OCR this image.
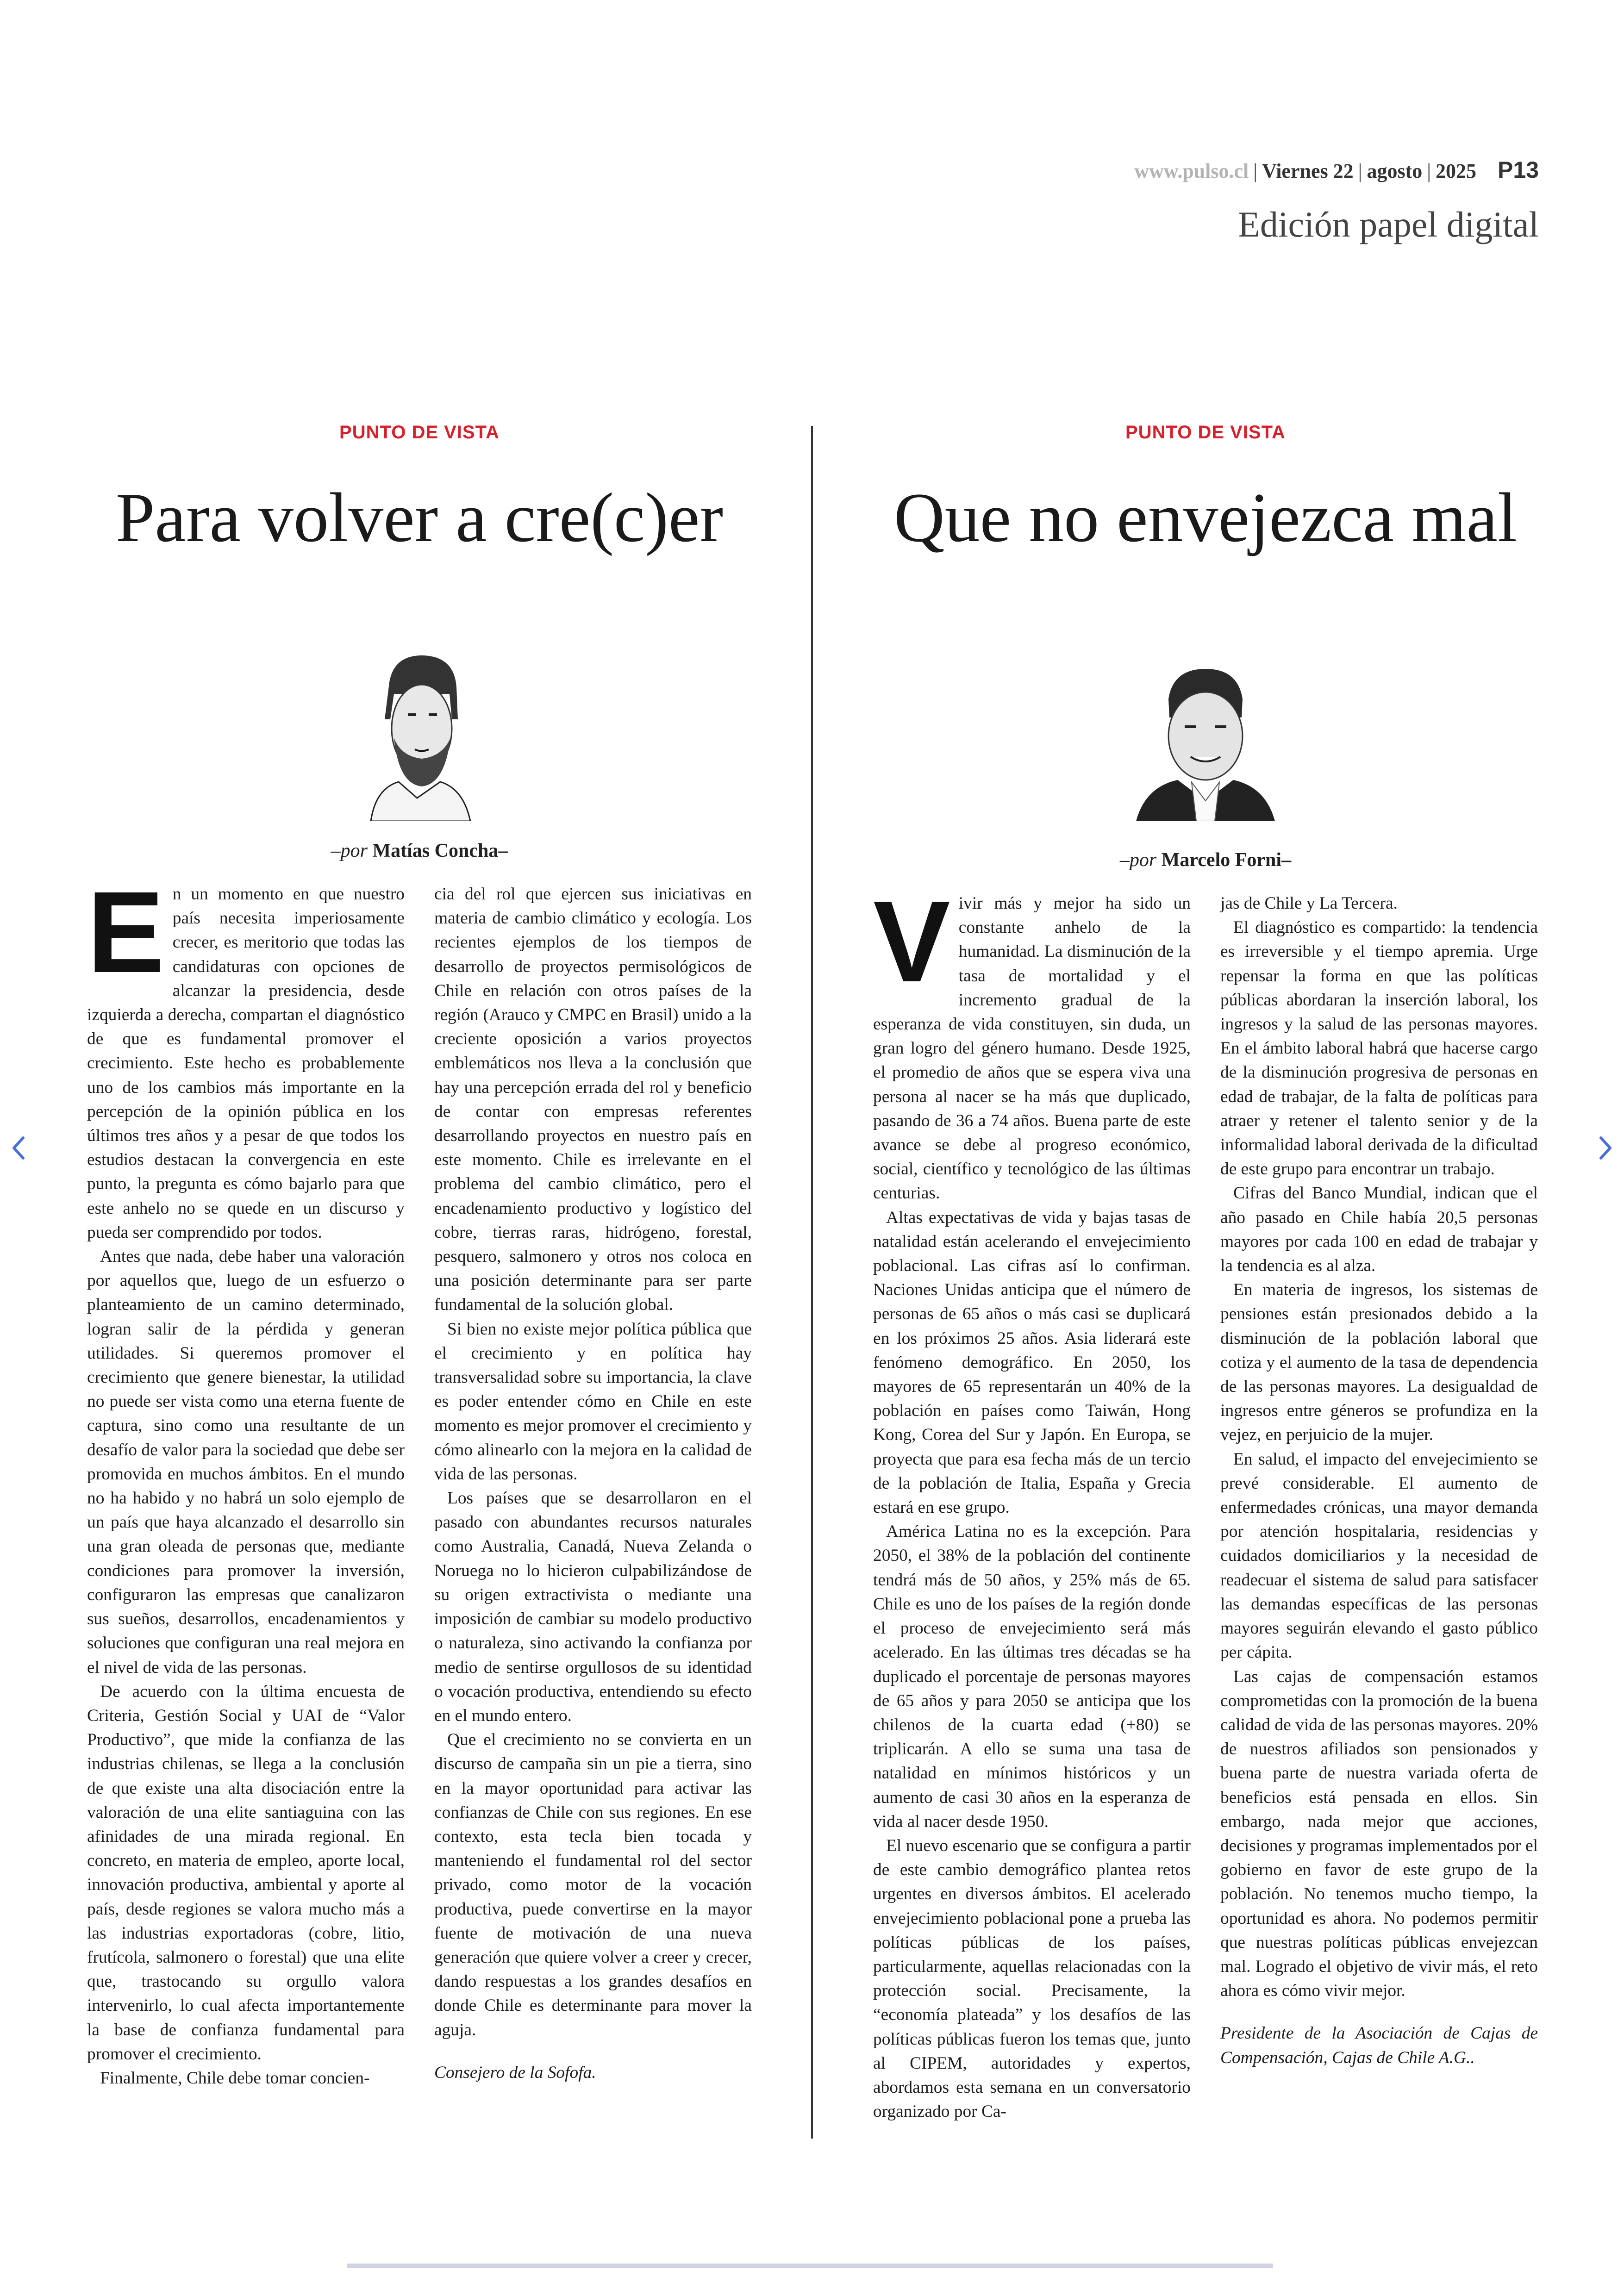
www.pulso.cl | Viernes 22 | agosto | 2025 P13
Edición papel digital
PUNTO DE VISTA
Para volver a cre(c)er
–por Matías Concha–

En un momento en que nuestro país necesita imperiosamente crecer, es meritorio que todas las candidaturas con opciones de alcanzar la presidencia, desde izquierda a derecha, compartan el diagnóstico de que es fundamental promover el crecimiento. Este hecho es probablemente uno de los cambios más importante en la percepción de la opinión pública en los últimos tres años y a pesar de que todos los estudios destacan la convergencia en este punto, la pregunta es cómo bajarlo para que este anhelo no se quede en un discurso y pueda ser comprendido por todos.

Antes que nada, debe haber una valoración por aquellos que, luego de un esfuerzo o planteamiento de un camino determinado, logran salir de la pérdida y generan utilidades. Si queremos promover el crecimiento que genere bienestar, la utilidad no puede ser vista como una eterna fuente de captura, sino como una resultante de un desafío de valor para la sociedad que debe ser promovida en muchos ámbitos. En el mundo no ha habido y no habrá un solo ejemplo de un país que haya alcanzado el desarrollo sin una gran oleada de personas que, mediante condiciones para promover la inversión, configuraron las empresas que canalizaron sus sueños, desarrollos, encadenamientos y soluciones que configuran una real mejora en el nivel de vida de las personas.

De acuerdo con la última encuesta de Criteria, Gestión Social y UAI de “Valor Productivo”, que mide la confianza de las industrias chilenas, se llega a la conclusión de que existe una alta disociación entre la valoración de una elite santiaguina con las afinidades de una mirada regional. En concreto, en materia de empleo, aporte local, innovación productiva, ambiental y aporte al país, desde regiones se valora mucho más a las industrias exportadoras (cobre, litio, frutícola, salmonero o forestal) que una elite que, trastocando su orgullo valora intervenirlo, lo cual afecta importantemente la base de confianza fundamental para promover el crecimiento.

Finalmente, Chile debe tomar concien-

cia del rol que ejercen sus iniciativas en materia de cambio climático y ecología. Los recientes ejemplos de los tiempos de desarrollo de proyectos permisológicos de Chile en relación con otros países de la región (Arauco y CMPC en Brasil) unido a la creciente oposición a varios proyectos emblemáticos nos lleva a la conclusión que hay una percepción errada del rol y beneficio de contar con empresas referentes desarrollando proyectos en nuestro país en este momento. Chile es irrelevante en el problema del cambio climático, pero el encadenamiento productivo y logístico del cobre, tierras raras, hidrógeno, forestal, pesquero, salmonero y otros nos coloca en una posición determinante para ser parte fundamental de la solución global.

Si bien no existe mejor política pública que el crecimiento y en política hay transversalidad sobre su importancia, la clave es poder entender cómo en Chile en este momento es mejor promover el crecimiento y cómo alinearlo con la mejora en la calidad de vida de las personas.

Los países que se desarrollaron en el pasado con abundantes recursos naturales como Australia, Canadá, Nueva Zelanda o Noruega no lo hicieron culpabilizándose de su origen extractivista o mediante una imposición de cambiar su modelo productivo o naturaleza, sino activando la confianza por medio de sentirse orgullosos de su identidad o vocación productiva, entendiendo su efecto en el mundo entero.

Que el crecimiento no se convierta en un discurso de campaña sin un pie a tierra, sino en la mayor oportunidad para activar las confianzas de Chile con sus regiones. En ese contexto, esta tecla bien tocada y manteniendo el fundamental rol del sector privado, como motor de la vocación productiva, puede convertirse en la mayor fuente de motivación de una nueva generación que quiere volver a creer y crecer, dando respuestas a los grandes desafíos en donde Chile es determinante para mover la aguja.

Consejero de la Sofofa.

PUNTO DE VISTA
Que no envejezca mal
–por Marcelo Forni–

Vivir más y mejor ha sido un constante anhelo de la humanidad. La disminución de la tasa de mortalidad y el incremento gradual de la esperanza de vida constituyen, sin duda, un gran logro del género humano. Desde 1925, el promedio de años que se espera viva una persona al nacer se ha más que duplicado, pasando de 36 a 74 años. Buena parte de este avance se debe al progreso económico, social, científico y tecnológico de las últimas centurias.

Altas expectativas de vida y bajas tasas de natalidad están acelerando el envejecimiento poblacional. Las cifras así lo confirman. Naciones Unidas anticipa que el número de personas de 65 años o más casi se duplicará en los próximos 25 años. Asia liderará este fenómeno demográfico. En 2050, los mayores de 65 representarán un 40% de la población en países como Taiwán, Hong Kong, Corea del Sur y Japón. En Europa, se proyecta que para esa fecha más de un tercio de la población de Italia, España y Grecia estará en ese grupo.

América Latina no es la excepción. Para 2050, el 38% de la población del continente tendrá más de 50 años, y 25% más de 65. Chile es uno de los países de la región donde el proceso de envejecimiento será más acelerado. En las últimas tres décadas se ha duplicado el porcentaje de personas mayores de 65 años y para 2050 se anticipa que los chilenos de la cuarta edad (+80) se triplicarán. A ello se suma una tasa de natalidad en mínimos históricos y un aumento de casi 30 años en la esperanza de vida al nacer desde 1950.

El nuevo escenario que se configura a partir de este cambio demográfico plantea retos urgentes en diversos ámbitos. El acelerado envejecimiento poblacional pone a prueba las políticas públicas de los países, particularmente, aquellas relacionadas con la protección social. Precisamente, la “economía plateada” y los desafíos de las políticas públicas fueron los temas que, junto al CIPEM, autoridades y expertos, abordamos esta semana en un conversatorio organizado por Ca-

jas de Chile y La Tercera.

El diagnóstico es compartido: la tendencia es irreversible y el tiempo apremia. Urge repensar la forma en que las políticas públicas abordaran la inserción laboral, los ingresos y la salud de las personas mayores. En el ámbito laboral habrá que hacerse cargo de la disminución progresiva de personas en edad de trabajar, de la falta de políticas para atraer y retener el talento senior y de la informalidad laboral derivada de la dificultad de este grupo para encontrar un trabajo.

Cifras del Banco Mundial, indican que el año pasado en Chile había 20,5 personas mayores por cada 100 en edad de trabajar y la tendencia es al alza.

En materia de ingresos, los sistemas de pensiones están presionados debido a la disminución de la población laboral que cotiza y el aumento de la tasa de dependencia de las personas mayores. La desigualdad de ingresos entre géneros se profundiza en la vejez, en perjuicio de la mujer.

En salud, el impacto del envejecimiento se prevé considerable. El aumento de enfermedades crónicas, una mayor demanda por atención hospitalaria, residencias y cuidados domiciliarios y la necesidad de readecuar el sistema de salud para satisfacer las demandas específicas de las personas mayores seguirán elevando el gasto público per cápita.

Las cajas de compensación estamos comprometidas con la promoción de la buena calidad de vida de las personas mayores. 20% de nuestros afiliados son pensionados y buena parte de nuestra variada oferta de beneficios está pensada en ellos. Sin embargo, nada mejor que acciones, decisiones y programas implementados por el gobierno en favor de este grupo de la población. No tenemos mucho tiempo, la oportunidad es ahora. No podemos permitir que nuestras políticas públicas envejezcan mal. Logrado el objetivo de vivir más, el reto ahora es cómo vivir mejor.

Presidente de la Asociación de Cajas de Compensación, Cajas de Chile A.G..
